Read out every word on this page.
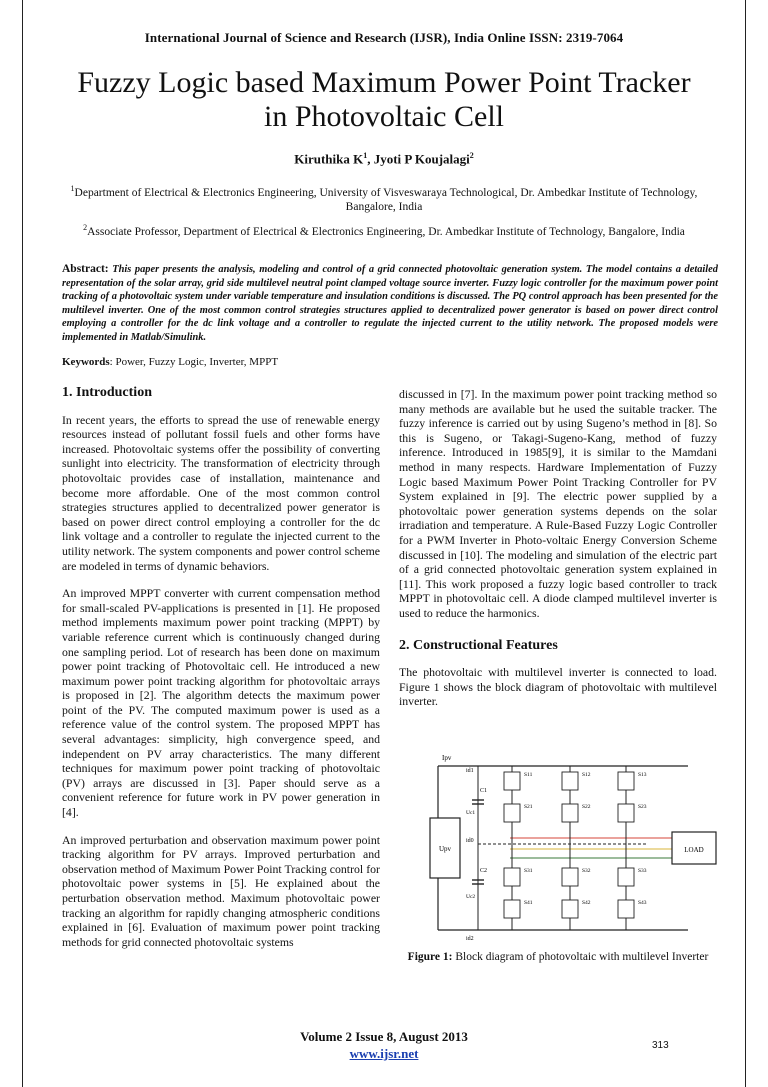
International Journal of Science and Research (IJSR), India Online ISSN: 2319-7064
Fuzzy Logic based Maximum Power Point Tracker
in Photovoltaic Cell
Kiruthika $K^1$, Jyoti P Koujalagi$^2$
$^1$Department of Electrical & Electronics Engineering, University of Visveswaraya Technological, Dr. Ambedkar Institute of Technology, Bangalore, India
$^2$Associate Professor, Department of Electrical & Electronics Engineering, Dr. Ambedkar Institute of Technology, Bangalore, India
Abstract: This paper presents the analysis, modeling and control of a grid connected photovoltaic generation system. The model contains a detailed representation of the solar array, grid side multilevel neutral point clamped voltage source inverter. Fuzzy logic controller for the maximum power point tracking of a photovoltaic system under variable temperature and insulation conditions is discussed. The PQ control approach has been presented for the multilevel inverter. One of the most common control strategies structures applied to decentralized power generator is based on power direct control employing a controller for the dc link voltage and a controller to regulate the injected current to the utility network. The proposed models were implemented in Matlab/Simulink.
Keywords: Power, Fuzzy Logic, Inverter, MPPT
1. Introduction

In recent years, the efforts to spread the use of renewable energy resources instead of pollutant fossil fuels and other forms have increased. Photovoltaic systems offer the possibility of converting sunlight into electricity. The transformation of electricity through photovoltaic provides case of installation, maintenance and become more affordable. One of the most common control strategies structures applied to decentralized power generator is based on power direct control employing a controller for the dc link voltage and a controller to regulate the injected current to the utility network. The system components and power control scheme are modeled in terms of dynamic behaviors.

An improved MPPT converter with current compensation method for small-scaled PV-applications is presented in [1]. He proposed method implements maximum power point tracking (MPPT) by variable reference current which is continuously changed during one sampling period. Lot of research has been done on maximum power point tracking of Photovoltaic cell. He introduced a new maximum power point tracking algorithm for photovoltaic arrays is proposed in [2]. The algorithm detects the maximum power point of the PV. The computed maximum power is used as a reference value of the control system. The proposed MPPT has several advantages: simplicity, high convergence speed, and independent on PV array characteristics. The many different techniques for maximum power point tracking of photovoltaic (PV) arrays are discussed in [3]. Paper should serve as a convenient reference for future work in PV power generation in [4].

An improved perturbation and observation maximum power point tracking algorithm for PV arrays. Improved perturbation and observation method of Maximum Power Point Tracking control for photovoltaic power systems in [5]. He explained about the perturbation observation method. Maximum photovoltaic power tracking an algorithm for rapidly changing atmospheric conditions explained in [6]. Evaluation of maximum power point tracking methods for grid connected photovoltaic systems

discussed in [7]. In the maximum power point tracking method so many methods are available but he used the suitable tracker. The fuzzy inference is carried out by using Sugeno’s method in [8]. So this is Sugeno, or Takagi-Sugeno-Kang, method of fuzzy inference. Introduced in 1985[9], it is similar to the Mamdani method in many respects. Hardware Implementation of Fuzzy Logic based Maximum Power Point Tracking Controller for PV System explained in [9]. The electric power supplied by a photovoltaic power generation systems depends on the solar irradiation and temperature. A Rule-Based Fuzzy Logic Controller for a PWM Inverter in Photo-voltaic Energy Conversion Scheme discussed in [10]. The modeling and simulation of the electric part of a grid connected photovoltaic generation system explained in [11]. This work proposed a fuzzy logic based controller to track MPPT in photovoltaic cell. A diode clamped multilevel inverter is used to reduce the harmonics.

2. Constructional Features

The photovoltaic with multilevel inverter is connected to load. Figure 1 shows the block diagram of photovoltaic with multilevel inverter.

Upv
Ipv
C1
C2
Uc1
Uc2
id1
id0
id2
LOAD
S11
S21
S31
S41
S12
S22
S32
S42
S13
S23
S33
S43
Figure 1: Block diagram of photovoltaic with multilevel Inverter
Volume 2 Issue 8, August 2013
www.ijsr.net
313
